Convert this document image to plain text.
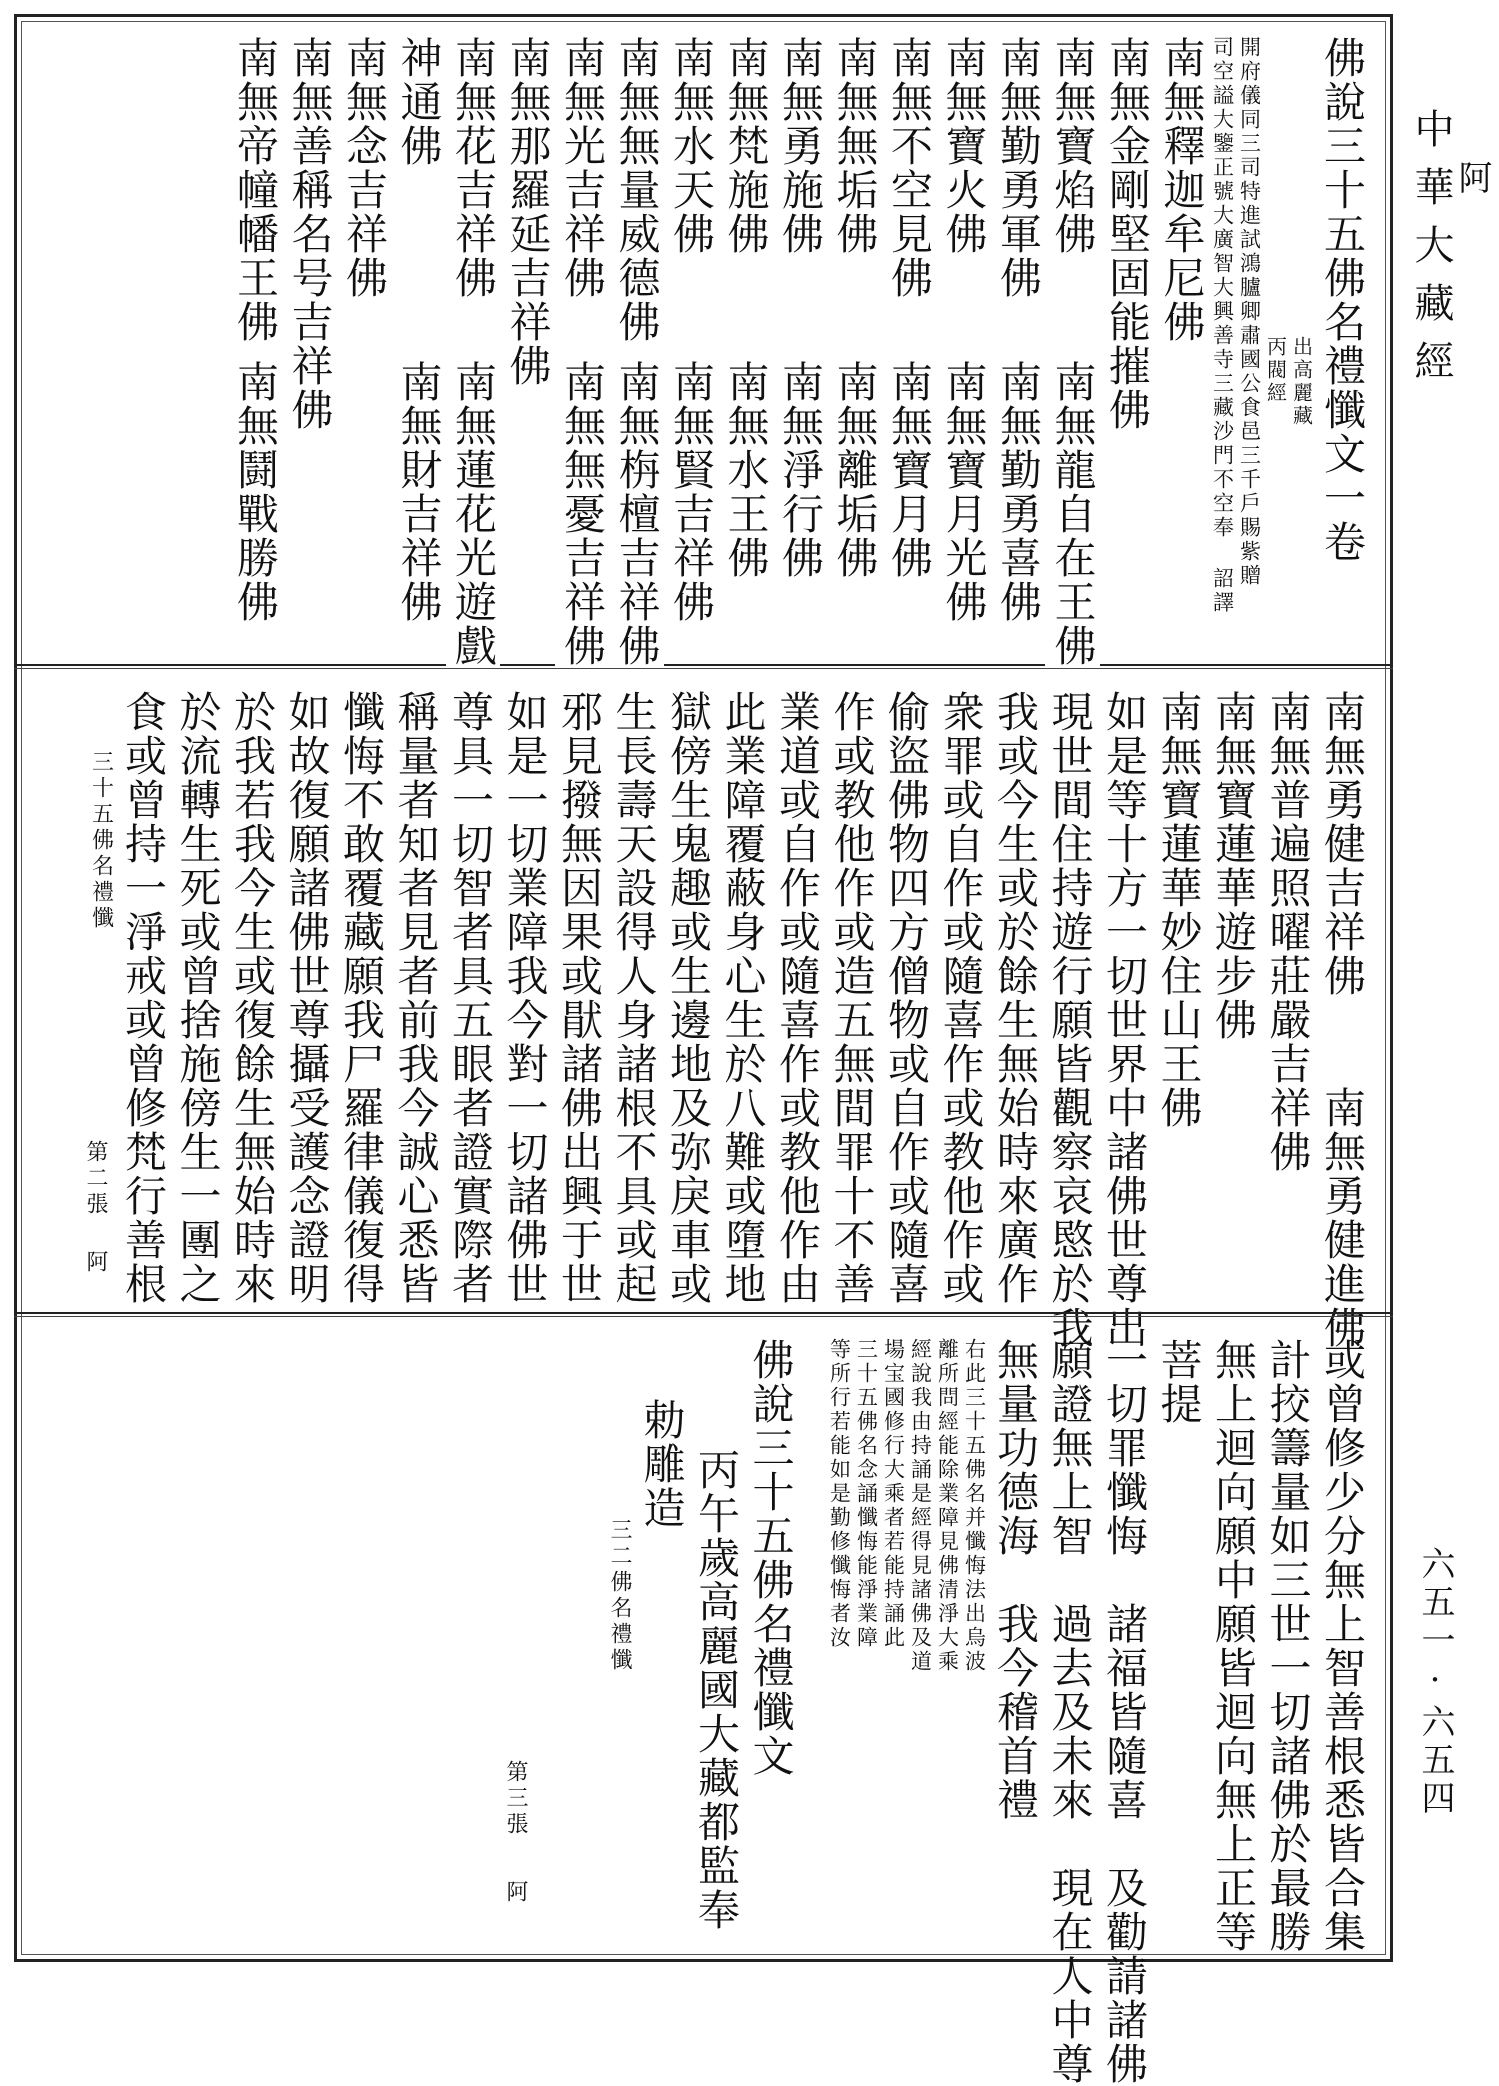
佛說三十五佛名禮懺文一卷
出高麗藏
丙閥經
開府儀同三司特進試鴻臚卿肅國公食邑三千戶賜紫贈
司空謚大鑒正號大廣智大興善寺三藏沙門不空奉 詔譯
南無釋迦牟尼佛
南無金剛堅固能摧佛
南無寶焰佛
南無勤勇軍佛
南無寶火佛
南無不空見佛
南無無垢佛
南無勇施佛
南無梵施佛
南無水天佛
南無無量威德佛
南無光吉祥佛
南無那羅延吉祥佛
南無花吉祥佛
神通佛
南無念吉祥佛
南無善稱名号吉祥佛
南無帝幢幡王佛	阿
南無勇健吉祥佛　　南無勇健進佛
南無普遍照曜莊嚴吉祥佛
南無寶蓮華遊步佛
南無寶蓮華妙住山王佛
如是等十方一切世界中諸佛世尊出
現世間住持遊行願皆觀察哀愍於我
我或今生或於餘生無始時來廣作
衆罪或自作或隨喜作或教他作或
偷盜佛物四方僧物或自作或隨喜
作或教他作或造五無間罪十不善
業道或自作或隨喜作或教他作由
此業障覆蔽身心生於八難或墮地
獄傍生鬼趣或生邊地及弥戾車或
生長壽天設得人身諸根不具或起
邪見撥無因果或猒諸佛出興于世
如是一切業障我今對一切諸佛世
尊具一切智者具五眼者證實際者
稱量者知者見者前我今誠心悉皆
懺悔不敢覆藏願我尸羅律儀復得
如故復願諸佛世尊攝受護念證明
於我若我今生或復餘生無始時來
於流轉生死或曾捨施傍生一團之
食或曾持一淨戒或曾修梵行善根
三十五佛名禮懺
第二張
阿
或曾修少分無上智善根悉皆合集
計挍籌量如三世一切諸佛於最勝
無上迴向願中願皆迴向無上正等
菩提
一切罪懺悔　諸福皆隨喜　及勸請諸佛
願證無上智　過去及未來　現在人中尊
無量功德海　我今稽首禮
右此三十五佛名并懺悔法出烏波
離所問經能除業障見佛清淨大乘
經說我由持誦是經得見諸佛及道
場宝國修行大乘者若能持誦此
三十五佛名念誦懺悔能淨業障
等所行若能如是勤修懺悔者汝
佛說三十五佛名禮懺文
丙午歲高麗國大藏都監奉
勅雕造
三二佛名禮懺
第三張
阿
中華大藏經
六五一·六五四
南無龍自在王佛
南無勤勇喜佛
南無寶月光佛
南無寶月佛
南無離垢佛
南無淨行佛
南無水王佛
南無賢吉祥佛
南無栴檀吉祥佛
南無無憂吉祥佛
南無蓮花光遊戲
南無財吉祥佛
南無鬪戰勝佛
